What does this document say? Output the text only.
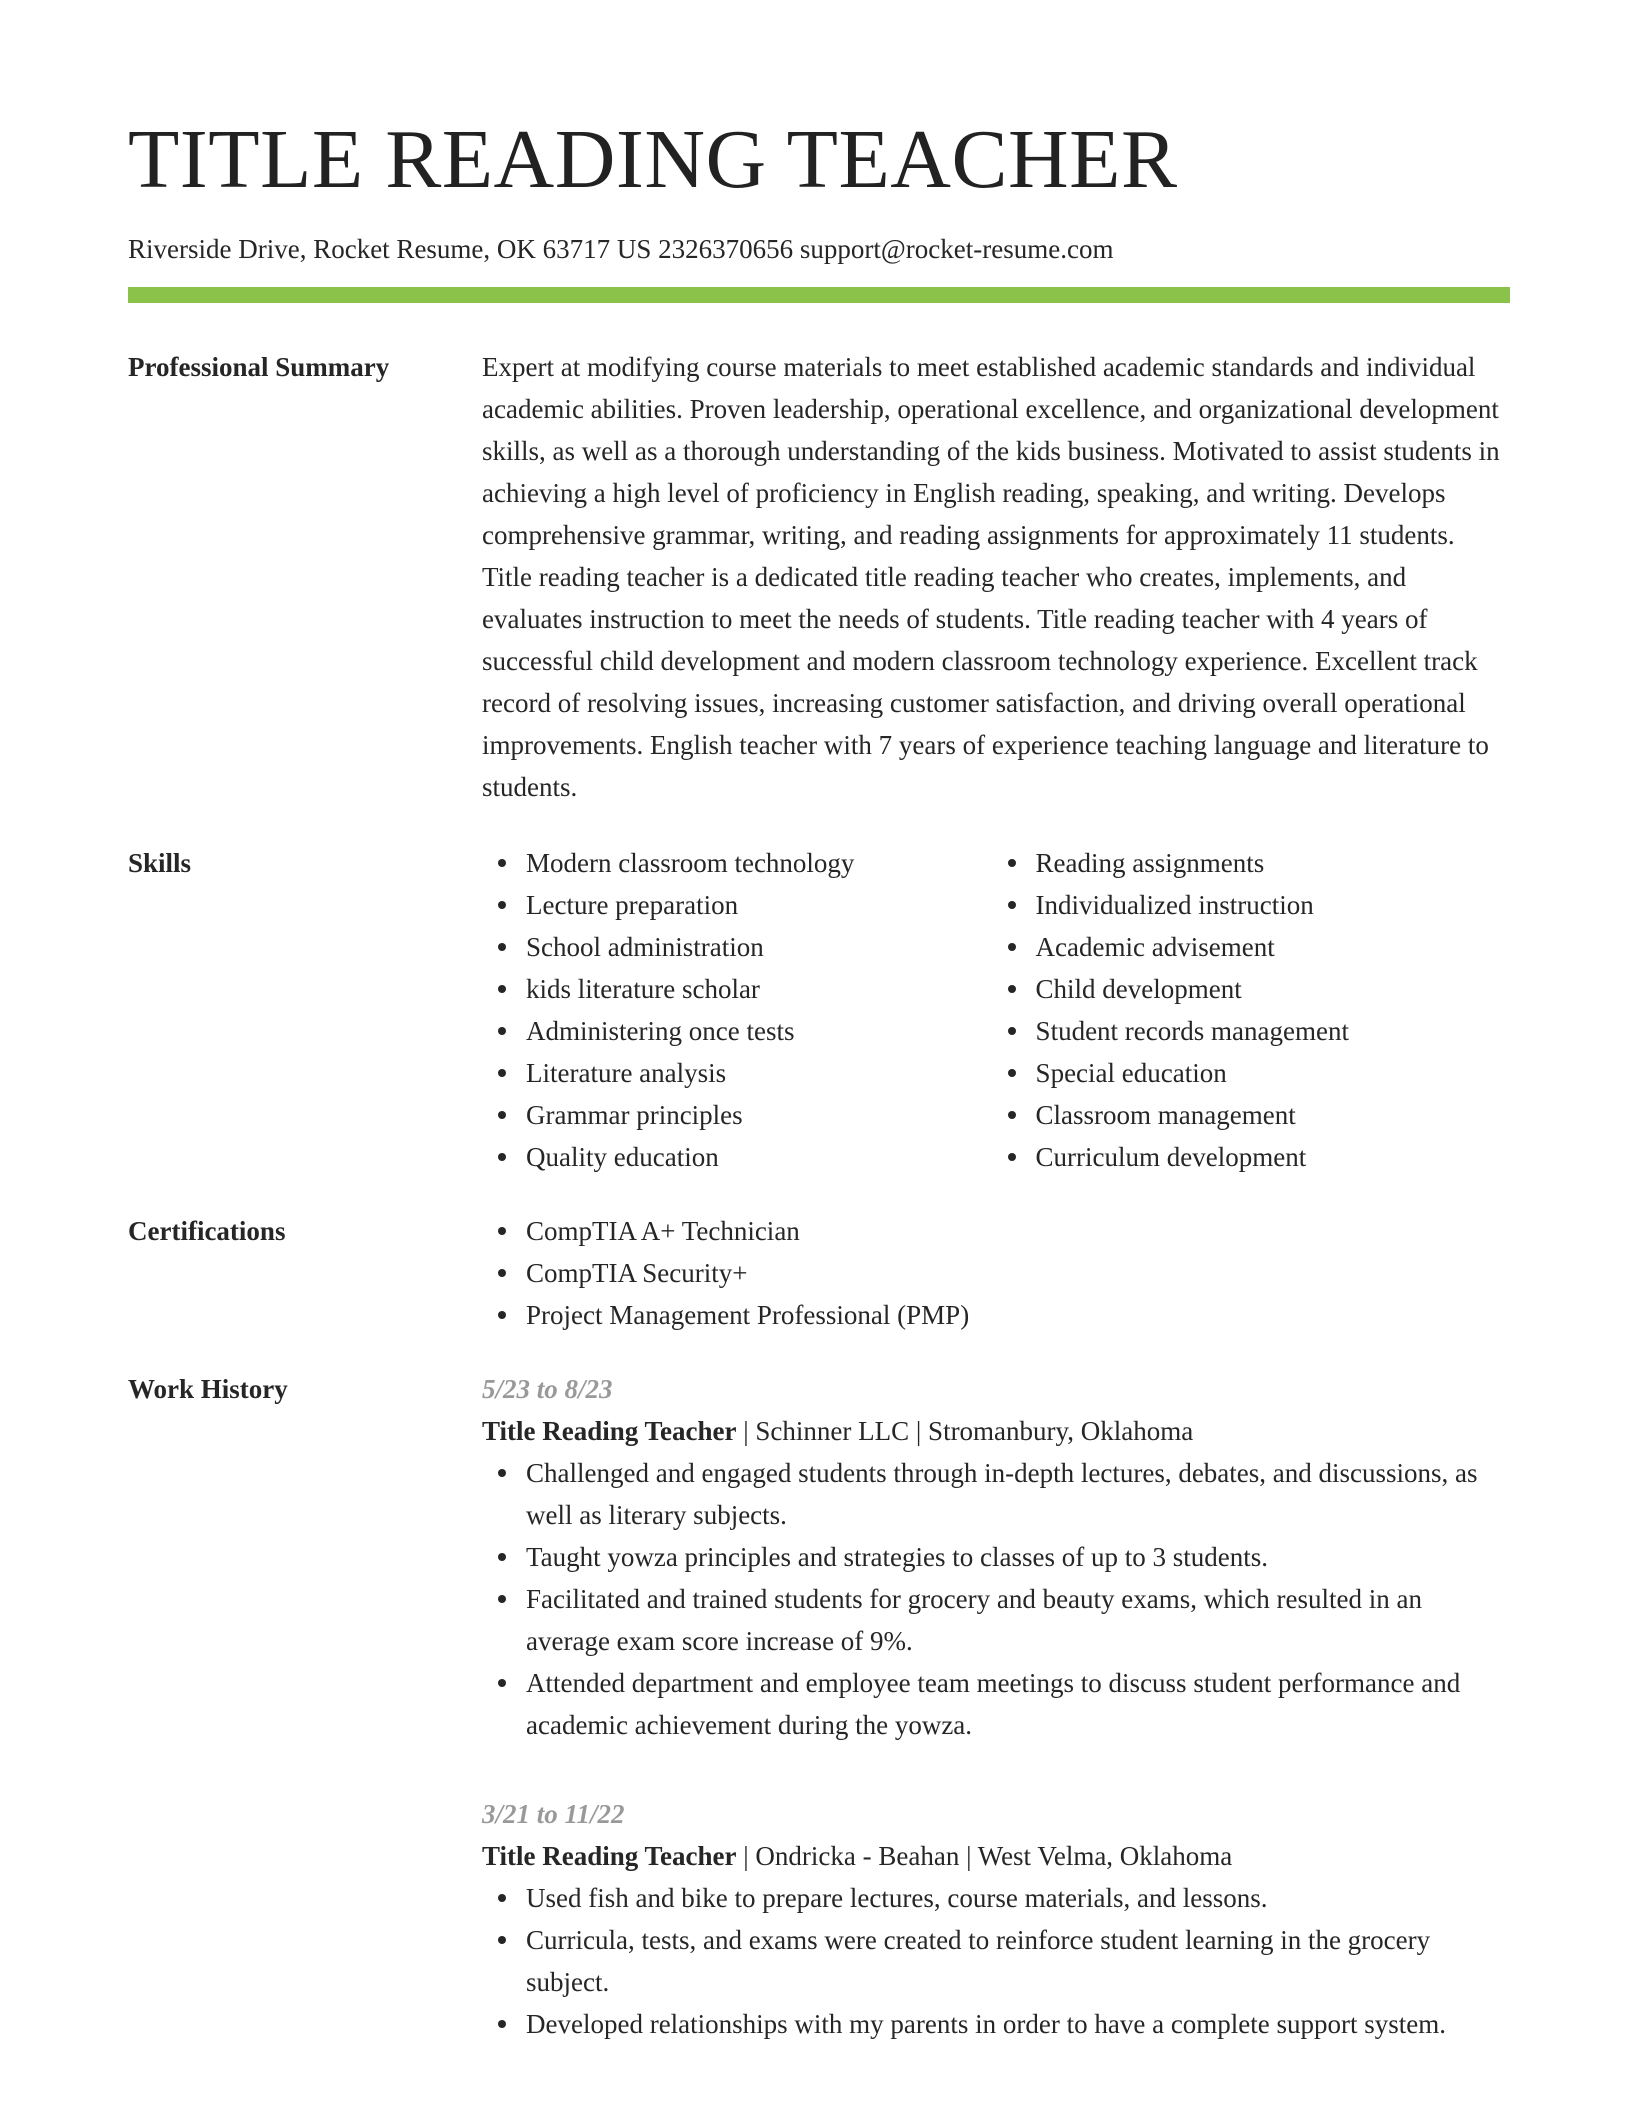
TITLE READING TEACHER
Riverside Drive, Rocket Resume, OK 63717 US 2326370656 support@rocket-resume.com
Professional Summary	Expert at modifying course materials to meet established academic standards and individual academic abilities. Proven leadership, operational excellence, and organizational development skills, as well as a thorough understanding of the kids business. Motivated to assist students in achieving a high level of proficiency in English reading, speaking, and writing. Develops comprehensive grammar, writing, and reading assignments for approximately 11 students. Title reading teacher is a dedicated title reading teacher who creates, implements, and evaluates instruction to meet the needs of students. Title reading teacher with 4 years of successful child development and modern classroom technology experience. Excellent track record of resolving issues, increasing customer satisfaction, and driving overall operational improvements. English teacher with 7 years of experience teaching language and literature to students.

Skills	Modern classroom technology
Lecture preparation
School administration
kids literature scholar
Administering once tests
Literature analysis
Grammar principles
Quality education
Reading assignments
Individualized instruction
Academic advisement
Child development
Student records management
Special education
Classroom management
Curriculum development
Certifications	CompTIA A+ Technician
CompTIA Security+
Project Management Professional (PMP)
Work History	5/23 to 8/23
Title Reading Teacher | Schinner LLC | Stromanbury, Oklahoma
Challenged and engaged students through in-depth lectures, debates, and discussions, as well as literary subjects.
Taught yowza principles and strategies to classes of up to 3 students.
Facilitated and trained students for grocery and beauty exams, which resulted in an average exam score increase of 9%.
Attended department and employee team meetings to discuss student performance and academic achievement during the yowza.
3/21 to 11/22
Title Reading Teacher | Ondricka - Beahan | West Velma, Oklahoma
Used fish and bike to prepare lectures, course materials, and lessons.
Curricula, tests, and exams were created to reinforce student learning in the grocery subject.
Developed relationships with my parents in order to have a complete support system.
